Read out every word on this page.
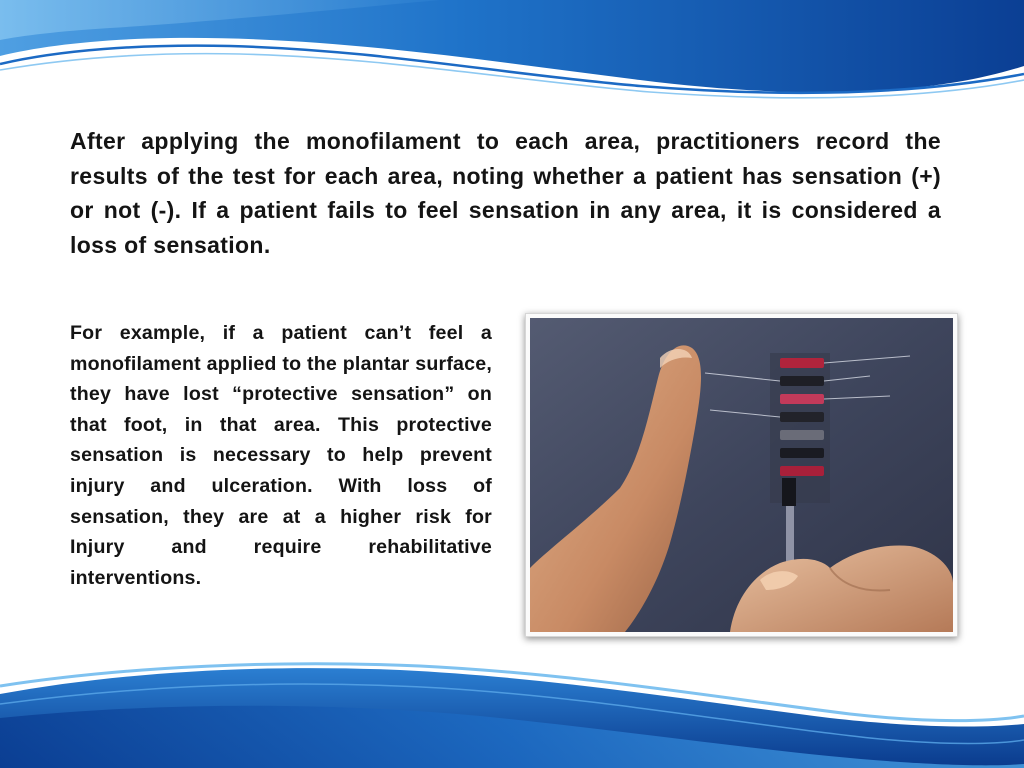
After applying the monofilament to each area, practitioners record the results of the test for each area, noting whether a patient has sensation (+) or not (-). If a patient fails to feel sensation in any area, it is considered a loss of sensation.
For example, if a patient can’t feel a monofilament applied to the plantar surface, they have lost “protective sensation” on that foot, in that area. This protective sensation is necessary to help prevent injury and ulceration. With loss of sensation, they are at a higher risk for Injury and require rehabilitative interventions.
